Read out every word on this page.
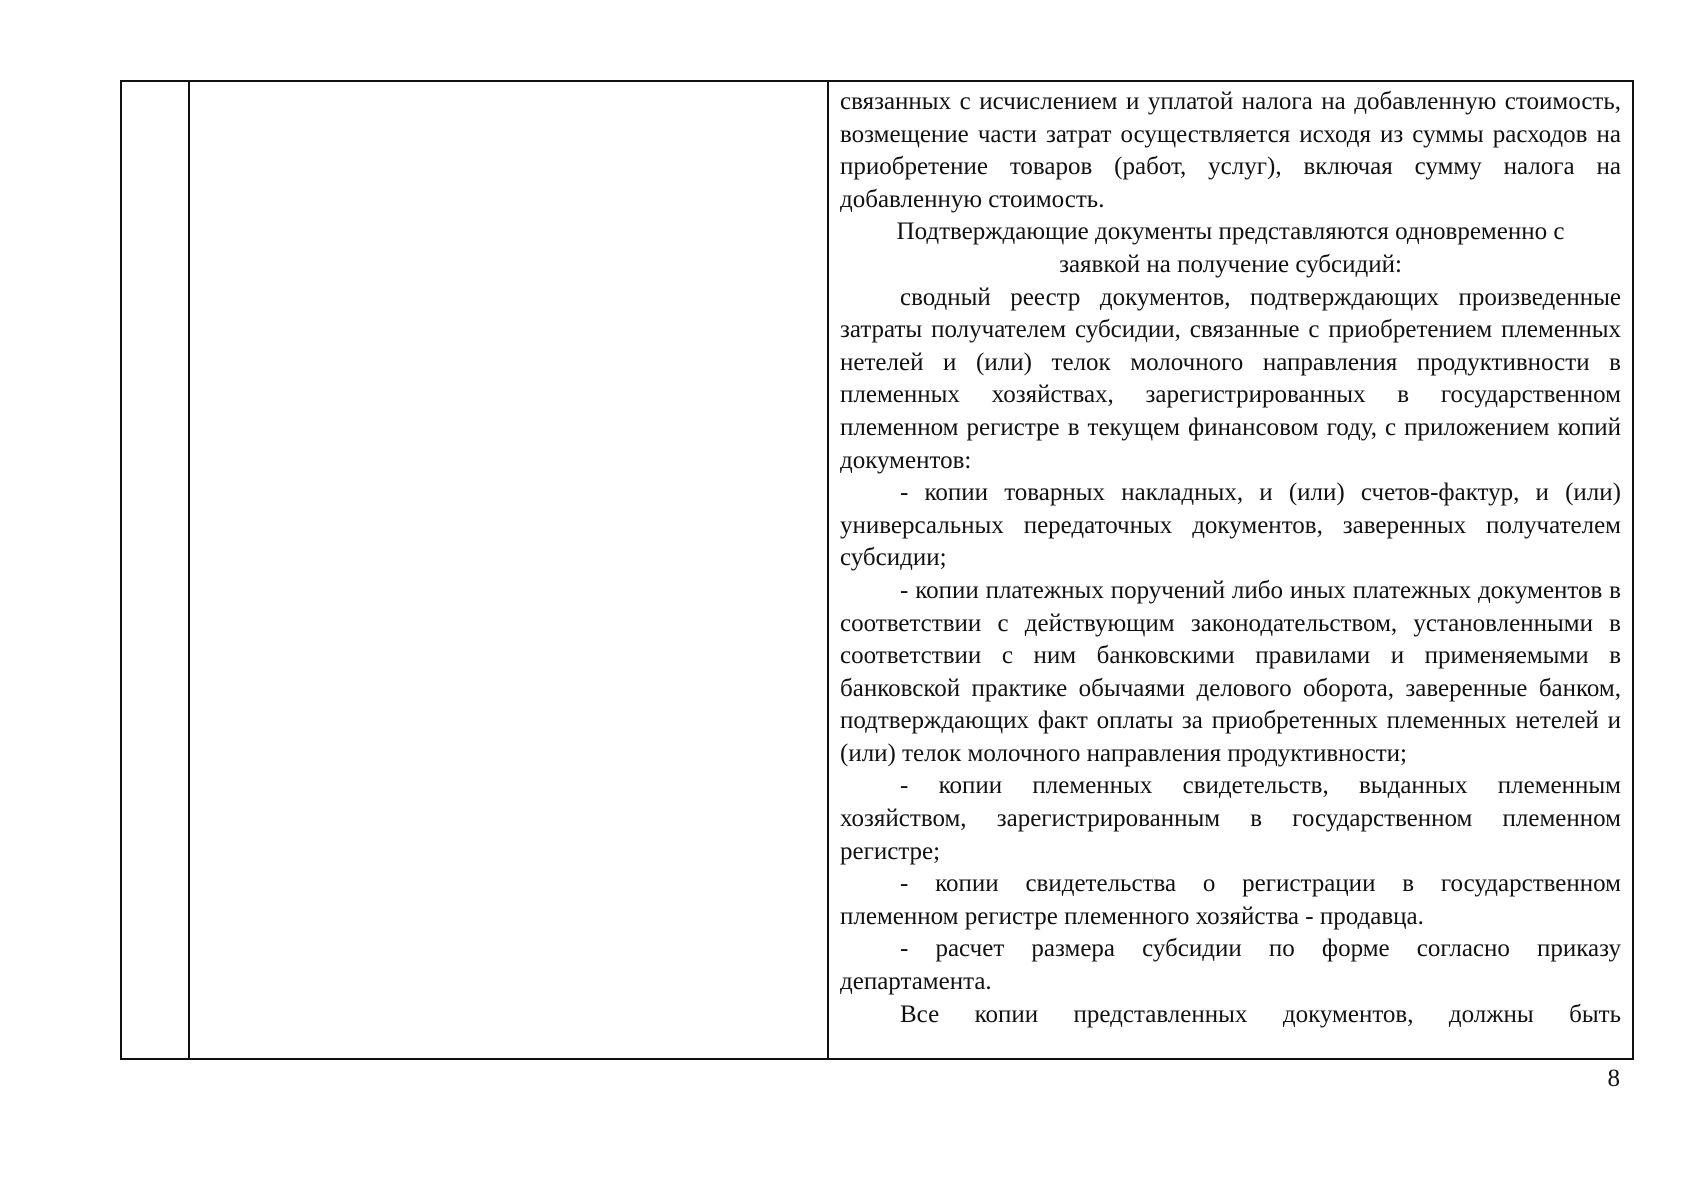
связанных с исчислением и уплатой налога на добавленную стоимость, возмещение части затрат осуществляется исходя из суммы расходов на приобретение товаров (работ, услуг), включая сумму налога на добавленную стоимость.

Подтверждающие документы представляются одновременно с заявкой на получение субсидий:

сводный реестр документов, подтверждающих произведенные затраты получателем субсидии, связанные с приобретением племенных нетелей и (или) телок молочного направления продуктивности в племенных хозяйствах, зарегистрированных в государственном племенном регистре в текущем финансовом году, с приложением копий документов:

- копии товарных накладных, и (или) счетов-фактур, и (или) универсальных передаточных документов, заверенных получателем субсидии;

- копии платежных поручений либо иных платежных документов в соответствии с действующим законодательством, установленными в соответствии с ним банковскими правилами и применяемыми в банковской практике обычаями делового оборота, заверенные банком, подтверждающих факт оплаты за приобретенных племенных нетелей и (или) телок молочного направления продуктивности;

- копии племенных свидетельств, выданных племенным хозяйством, зарегистрированным в государственном племенном регистре;

- копии свидетельства о регистрации в государственном племенном регистре племенного хозяйства - продавца.

- расчет размера субсидии по форме согласно приказу департамента.

Все копии представленных документов, должны быть

8
